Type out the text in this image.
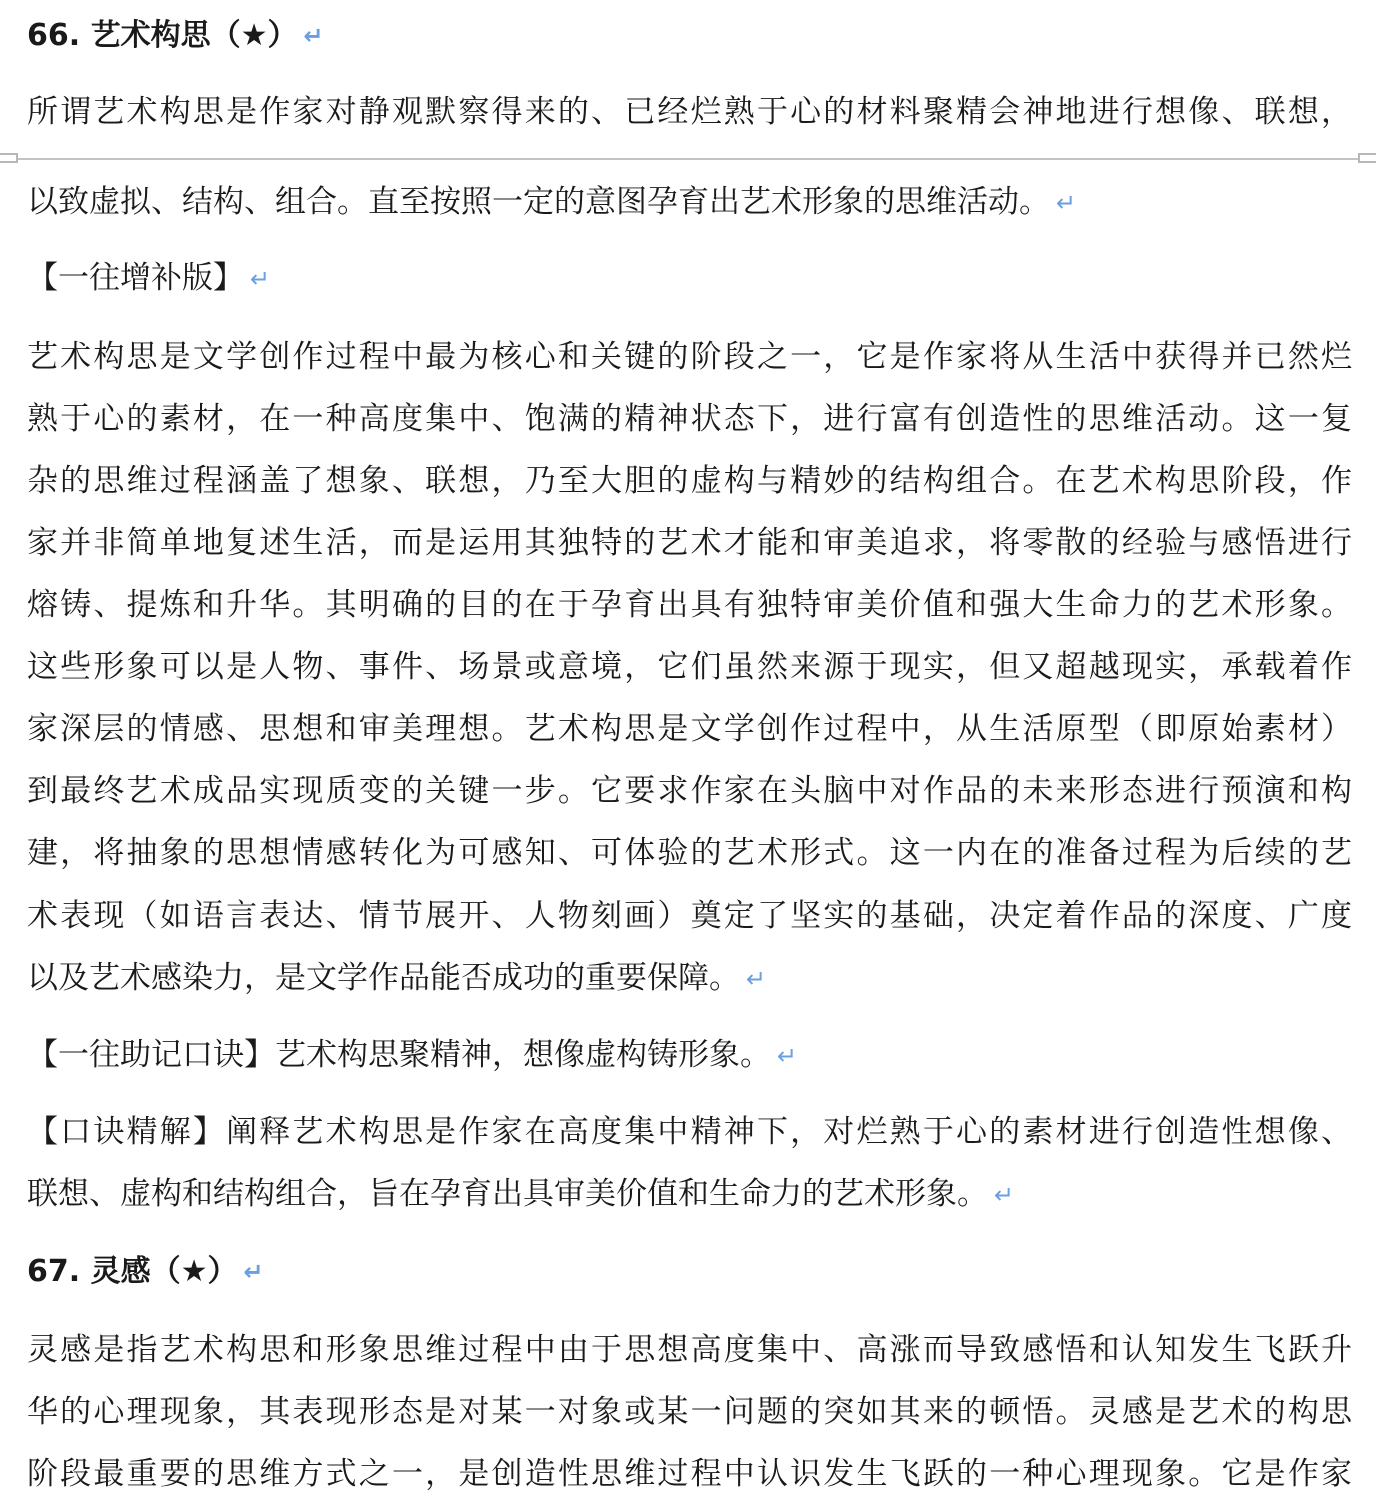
66. 艺术构思（★） ↵
所谓艺术构思是作家对静观默察得来的、已经烂熟于心的材料聚精会神地进行想像、联想，
以致虚拟、结构、组合。直至按照一定的意图孕育出艺术形象的思维活动。 ↵
【一往增补版】 ↵
艺术构思是文学创作过程中最为核心和关键的阶段之一，它是作家将从生活中获得并已然烂
熟于心的素材，在一种高度集中、饱满的精神状态下，进行富有创造性的思维活动。这一复
杂的思维过程涵盖了想象、联想，乃至大胆的虚构与精妙的结构组合。在艺术构思阶段，作
家并非简单地复述生活，而是运用其独特的艺术才能和审美追求，将零散的经验与感悟进行
熔铸、提炼和升华。其明确的目的在于孕育出具有独特审美价值和强大生命力的艺术形象。
这些形象可以是人物、事件、场景或意境，它们虽然来源于现实，但又超越现实，承载着作
家深层的情感、思想和审美理想。艺术构思是文学创作过程中，从生活原型（即原始素材）
到最终艺术成品实现质变的关键一步。它要求作家在头脑中对作品的未来形态进行预演和构
建，将抽象的思想情感转化为可感知、可体验的艺术形式。这一内在的准备过程为后续的艺
术表现（如语言表达、情节展开、人物刻画）奠定了坚实的基础，决定着作品的深度、广度
以及艺术感染力，是文学作品能否成功的重要保障。 ↵
【一往助记口诀】艺术构思聚精神，想像虚构铸形象。 ↵
【口诀精解】阐释艺术构思是作家在高度集中精神下，对烂熟于心的素材进行创造性想像、
联想、虚构和结构组合，旨在孕育出具审美价值和生命力的艺术形象。 ↵
67. 灵感（★） ↵
灵感是指艺术构思和形象思维过程中由于思想高度集中、高涨而导致感悟和认知发生飞跃升
华的心理现象，其表现形态是对某一对象或某一问题的突如其来的顿悟。灵感是艺术的构思
阶段最重要的思维方式之一，是创造性思维过程中认识发生飞跃的一种心理现象。它是作家
